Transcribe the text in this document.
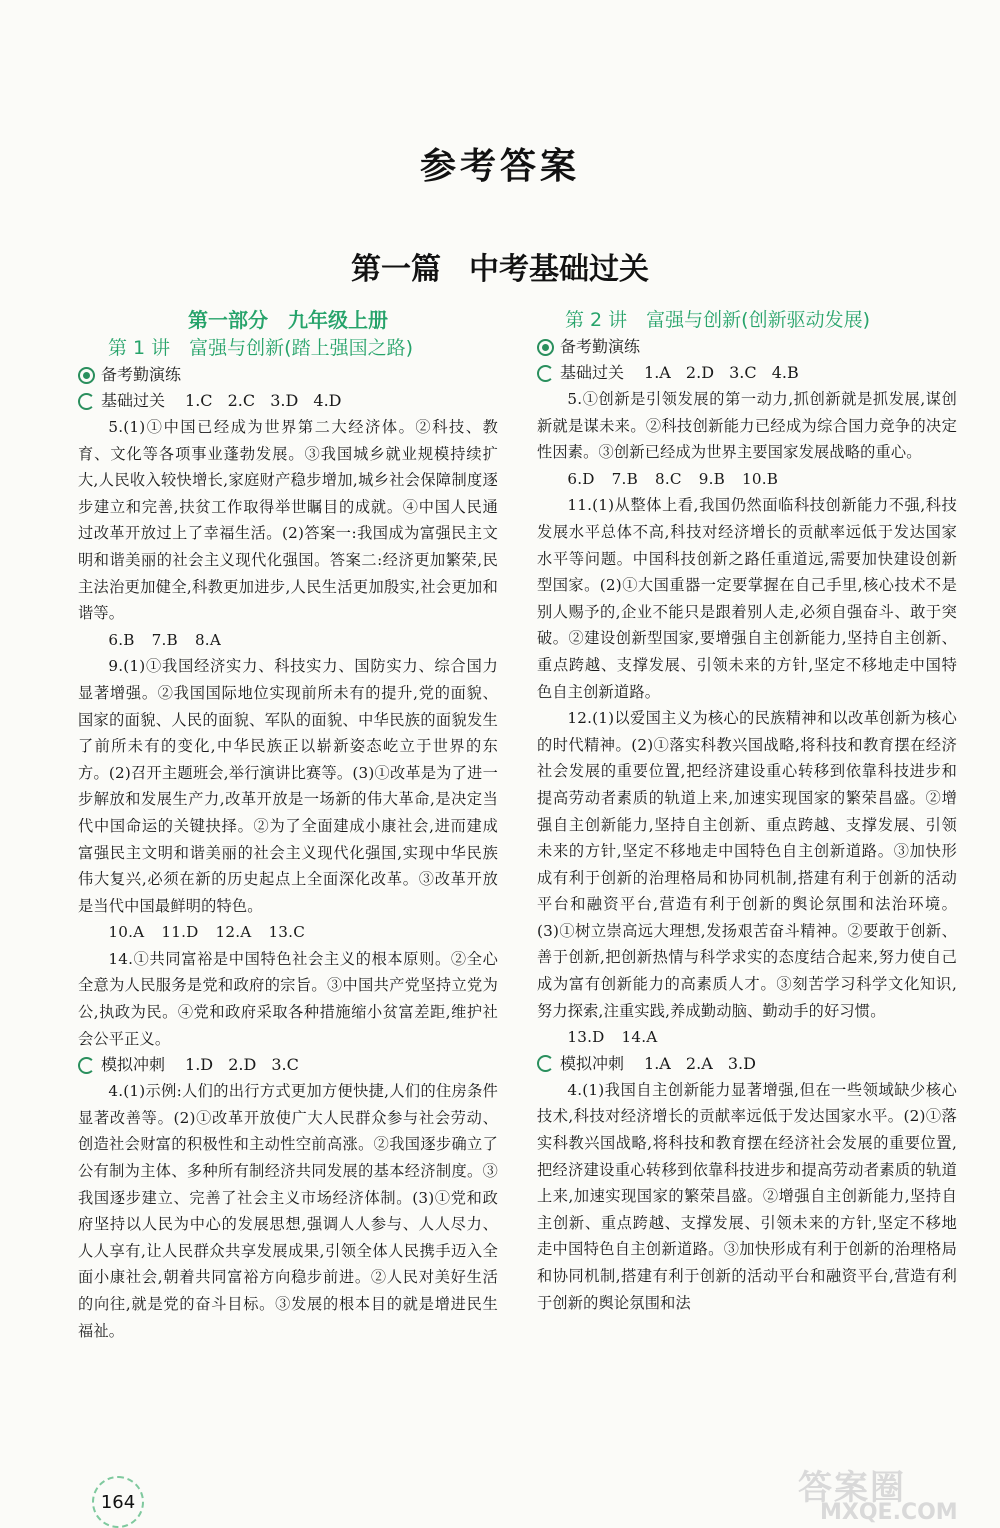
参考答案
第一篇 中考基础过关
第一部分　九年级上册
第 1 讲　富强与创新(踏上强国之路)
备考勤演练
基础过关 1.C 2.C 3.D 4.D

5.(1)①中国已经成为世界第二大经济体。②科技、教育、文化等各项事业蓬勃发展。③我国城乡就业规模持续扩大,人民收入较快增长,家庭财产稳步增加,城乡社会保障制度逐步建立和完善,扶贫工作取得举世瞩目的成就。④中国人民通过改革开放过上了幸福生活。(2)答案一:我国成为富强民主文明和谐美丽的社会主义现代化强国。答案二:经济更加繁荣,民主法治更加健全,科教更加进步,人民生活更加殷实,社会更加和谐等。

6.B 7.B 8.A

9.(1)①我国经济实力、科技实力、国防实力、综合国力显著增强。②我国国际地位实现前所未有的提升,党的面貌、国家的面貌、人民的面貌、军队的面貌、中华民族的面貌发生了前所未有的变化,中华民族正以崭新姿态屹立于世界的东方。(2)召开主题班会,举行演讲比赛等。(3)①改革是为了进一步解放和发展生产力,改革开放是一场新的伟大革命,是决定当代中国命运的关键抉择。②为了全面建成小康社会,进而建成富强民主文明和谐美丽的社会主义现代化强国,实现中华民族伟大复兴,必须在新的历史起点上全面深化改革。③改革开放是当代中国最鲜明的特色。

10.A 11.D 12.A 13.C

14.①共同富裕是中国特色社会主义的根本原则。②全心全意为人民服务是党和政府的宗旨。③中国共产党坚持立党为公,执政为民。④党和政府采取各种措施缩小贫富差距,维护社会公平正义。

模拟冲刺 1.D 2.D 3.C

4.(1)示例:人们的出行方式更加方便快捷,人们的住房条件显著改善等。(2)①改革开放使广大人民群众参与社会劳动、创造社会财富的积极性和主动性空前高涨。②我国逐步确立了公有制为主体、多种所有制经济共同发展的基本经济制度。③我国逐步建立、完善了社会主义市场经济体制。(3)①党和政府坚持以人民为中心的发展思想,强调人人参与、人人尽力、人人享有,让人民群众共享发展成果,引领全体人民携手迈入全面小康社会,朝着共同富裕方向稳步前进。②人民对美好生活的向往,就是党的奋斗目标。③发展的根本目的就是增进民生福祉。

第 2 讲　富强与创新(创新驱动发展)
备考勤演练
基础过关 1.A 2.D 3.C 4.B

5.①创新是引领发展的第一动力,抓创新就是抓发展,谋创新就是谋未来。②科技创新能力已经成为综合国力竞争的决定性因素。③创新已经成为世界主要国家发展战略的重心。

6.D 7.B 8.C 9.B 10.B

11.(1)从整体上看,我国仍然面临科技创新能力不强,科技发展水平总体不高,科技对经济增长的贡献率远低于发达国家水平等问题。中国科技创新之路任重道远,需要加快建设创新型国家。(2)①大国重器一定要掌握在自己手里,核心技术不是别人赐予的,企业不能只是跟着别人走,必须自强奋斗、敢于突破。②建设创新型国家,要增强自主创新能力,坚持自主创新、重点跨越、支撑发展、引领未来的方针,坚定不移地走中国特色自主创新道路。

12.(1)以爱国主义为核心的民族精神和以改革创新为核心的时代精神。(2)①落实科教兴国战略,将科技和教育摆在经济社会发展的重要位置,把经济建设重心转移到依靠科技进步和提高劳动者素质的轨道上来,加速实现国家的繁荣昌盛。②增强自主创新能力,坚持自主创新、重点跨越、支撑发展、引领未来的方针,坚定不移地走中国特色自主创新道路。③加快形成有利于创新的治理格局和协同机制,搭建有利于创新的活动平台和融资平台,营造有利于创新的舆论氛围和法治环境。(3)①树立崇高远大理想,发扬艰苦奋斗精神。②要敢于创新、善于创新,把创新热情与科学求实的态度结合起来,努力使自己成为富有创新能力的高素质人才。③刻苦学习科学文化知识,努力探索,注重实践,养成勤动脑、勤动手的好习惯。

13.D 14.A

模拟冲刺 1.A 2.A 3.D

4.(1)我国自主创新能力显著增强,但在一些领域缺少核心技术,科技对经济增长的贡献率远低于发达国家水平。(2)①落实科教兴国战略,将科技和教育摆在经济社会发展的重要位置,把经济建设重心转移到依靠科技进步和提高劳动者素质的轨道上来,加速实现国家的繁荣昌盛。②增强自主创新能力,坚持自主创新、重点跨越、支撑发展、引领未来的方针,坚定不移地走中国特色自主创新道路。③加快形成有利于创新的治理格局和协同机制,搭建有利于创新的活动平台和融资平台,营造有利于创新的舆论氛围和法

164	答案圈
MXQE.COM
